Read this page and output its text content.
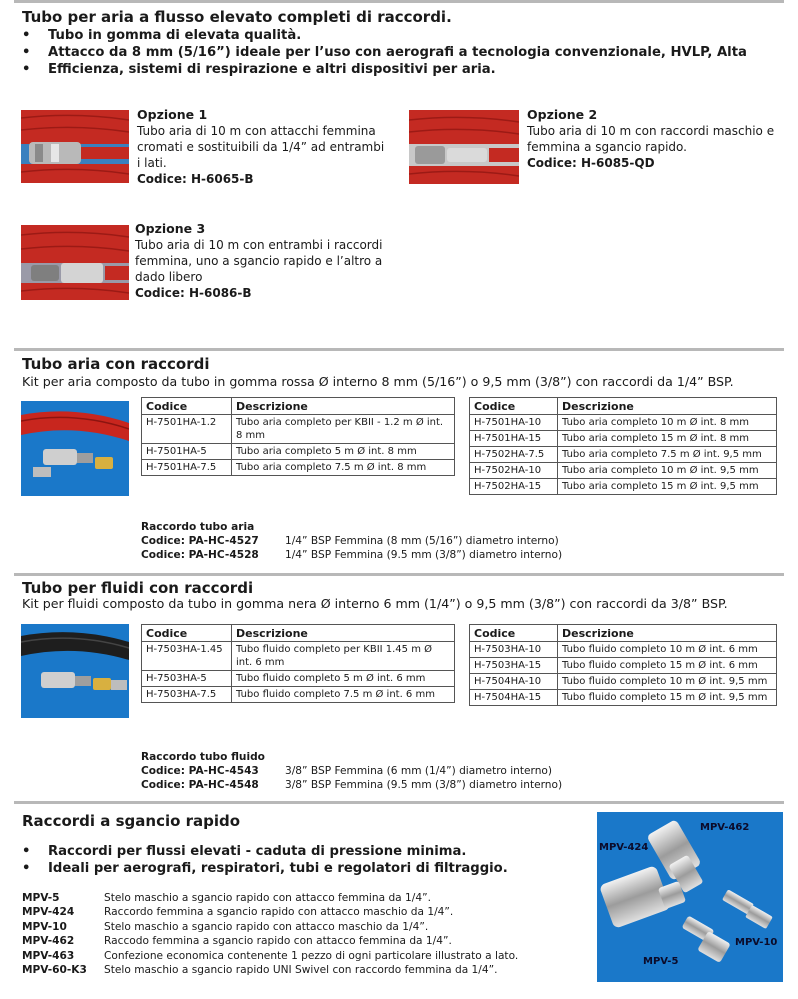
Tubo per aria a flusso elevato completi di raccordi.
• Tubo in gomma di elevata qualità.
• Attacco da 8 mm (5/16”) ideale per l’uso con aerografi a tecnologia convenzionale, HVLP, Alta
• Efficienza, sistemi di respirazione e altri dispositivi per aria.
Opzione 1
Tubo aria di 10 m con attacchi femmina
cromati e sostituibili da 1/4” ad entrambi
i lati.
Codice: H-6065-B
Opzione 2
Tubo aria di 10 m con raccordi maschio e
femmina a sgancio rapido.
Codice: H-6085-QD
Opzione 3
Tubo aria di 10 m con entrambi i raccordi
femmina, uno a sgancio rapido e l’altro a
dado libero
Codice: H-6086-B
Tubo aria con raccordi
Kit per aria composto da tubo in gomma rossa Ø interno 8 mm (5/16”) o 9,5 mm (3/8”) con raccordi da 1/4” BSP.
Codice	Descrizione
H-7501HA-1.2	Tubo aria completo per KBII - 1.2 m Ø int. 8 mm
H-7501HA-5	Tubo aria completo 5 m Ø int. 8 mm
H-7501HA-7.5	Tubo aria completo 7.5 m Ø int. 8 mm
Codice	Descrizione
H-7501HA-10	Tubo aria completo 10 m Ø int. 8 mm
H-7501HA-15	Tubo aria completo 15 m Ø int. 8 mm
H-7502HA-7.5	Tubo aria completo 7.5 m Ø int. 9,5 mm
H-7502HA-10	Tubo aria completo 10 m Ø int. 9,5 mm
H-7502HA-15	Tubo aria completo 15 m Ø int. 9,5 mm
Raccordo tubo aria
Codice: PA-HC-4527	1/4” BSP Femmina (8 mm (5/16”) diametro interno)
Codice: PA-HC-4528	1/4” BSP Femmina (9.5 mm (3/8”) diametro interno)
Tubo per fluidi con raccordi
Kit per fluidi composto da tubo in gomma nera Ø interno 6 mm (1/4”) o 9,5 mm (3/8”) con raccordi da 3/8” BSP.
Codice	Descrizione
H-7503HA-1.45	Tubo fluido completo per KBII 1.45 m Ø int. 6 mm
H-7503HA-5	Tubo fluido completo 5 m Ø int. 6 mm
H-7503HA-7.5	Tubo fluido completo 7.5 m Ø int. 6 mm
Codice	Descrizione
H-7503HA-10	Tubo fluido completo 10 m Ø int. 6 mm
H-7503HA-15	Tubo fluido completo 15 m Ø int. 6 mm
H-7504HA-10	Tubo fluido completo 10 m Ø int. 9,5 mm
H-7504HA-15	Tubo fluido completo 15 m Ø int. 9,5 mm
Raccordo tubo fluido
Codice: PA-HC-4543	3/8” BSP Femmina (6 mm (1/4”) diametro interno)
Codice: PA-HC-4548	3/8” BSP Femmina (9.5 mm (3/8”) diametro interno)
Raccordi a sgancio rapido
• Raccordi per flussi elevati - caduta di pressione minima.
• Ideali per aerografi, respiratori, tubi e regolatori di filtraggio.
MPV-5	Stelo maschio a sgancio rapido con attacco femmina da 1/4”.
MPV-424	Raccordo femmina a sgancio rapido con attacco maschio da 1/4”.
MPV-10	Stelo maschio a sgancio rapido con attacco maschio da 1/4”.
MPV-462	Raccodo femmina a sgancio rapido con attacco femmina da 1/4”.
MPV-463	Confezione economica contenente 1 pezzo di ogni particolare illustrato a lato.
MPV-60-K3	Stelo maschio a sgancio rapido UNI Swivel con raccordo femmina da 1/4”.
MPV-462
MPV-424
MPV-10
MPV-5
